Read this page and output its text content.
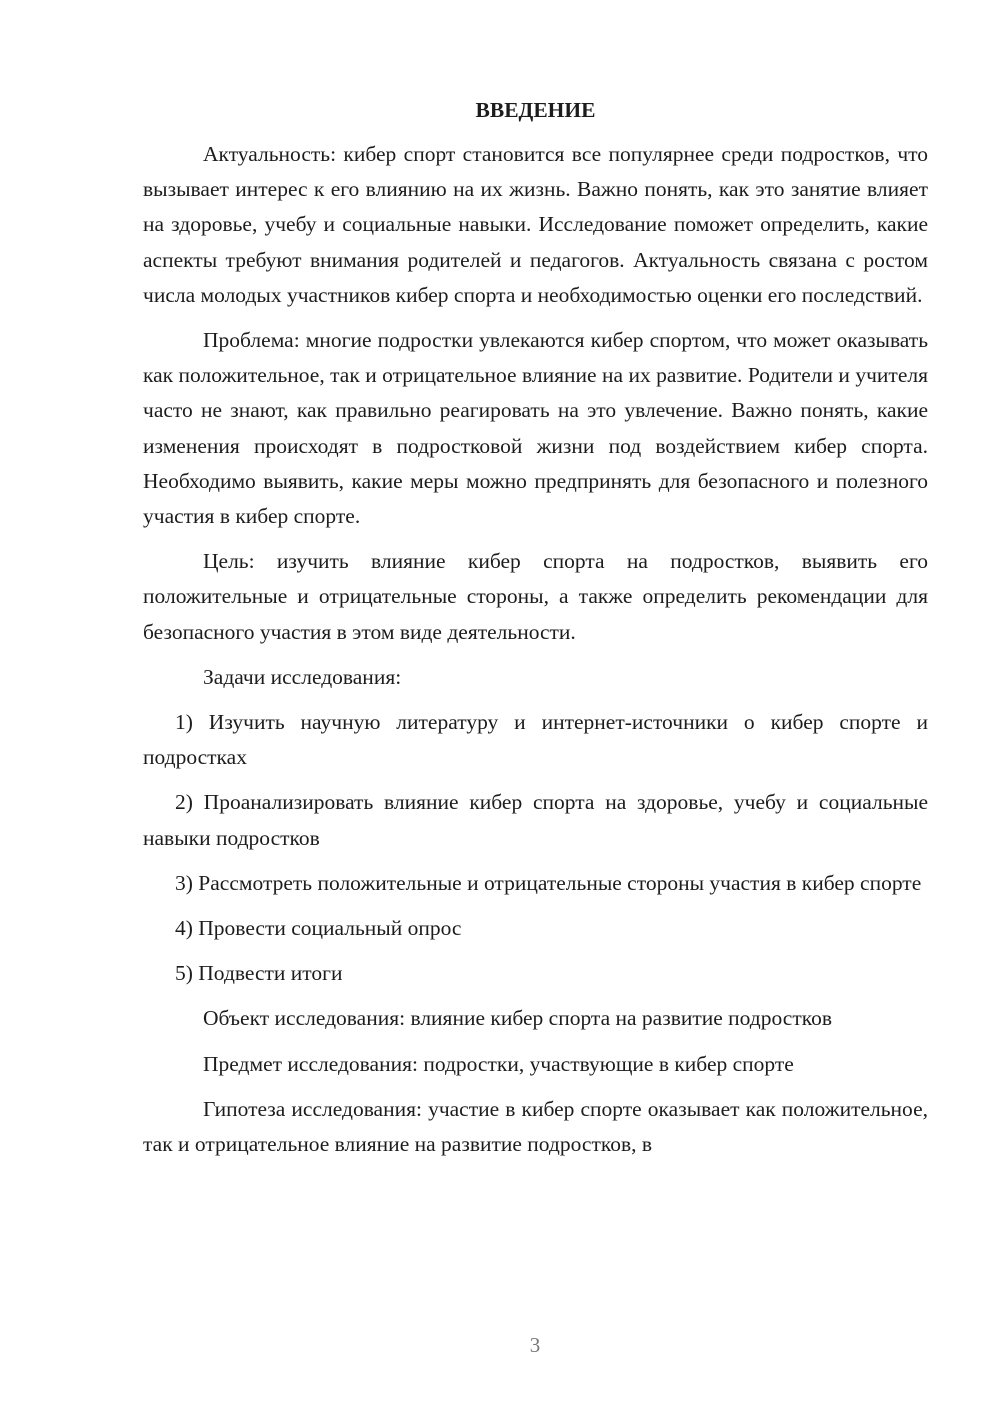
ВВЕДЕНИЕ

Актуальность: кибер спорт становится все популярнее среди подростков, что вызывает интерес к его влиянию на их жизнь. Важно понять, как это занятие влияет на здоровье, учебу и социальные навыки. Исследование поможет определить, какие аспекты требуют внимания родителей и педагогов. Актуальность связана с ростом числа молодых участников кибер спорта и необходимостью оценки его последствий.

Проблема: многие подростки увлекаются кибер спортом, что может оказывать как положительное, так и отрицательное влияние на их развитие. Родители и учителя часто не знают, как правильно реагировать на это увлечение. Важно понять, какие изменения происходят в подростковой жизни под воздействием кибер спорта. Необходимо выявить, какие меры можно предпринять для безопасного и полезного участия в кибер спорте.

Цель: изучить влияние кибер спорта на подростков, выявить его положительные и отрицательные стороны, а также определить рекомендации для безопасного участия в этом виде деятельности.

Задачи исследования:

1) Изучить научную литературу и интернет-источники о кибер спорте и подростках

2) Проанализировать влияние кибер спорта на здоровье, учебу и социальные навыки подростков

3) Рассмотреть положительные и отрицательные стороны участия в кибер спорте

4) Провести социальный опрос

5) Подвести итоги

Объект исследования: влияние кибер спорта на развитие подростков

Предмет исследования: подростки, участвующие в кибер спорте

Гипотеза исследования: участие в кибер спорте оказывает как положительное, так и отрицательное влияние на развитие подростков, в

3
